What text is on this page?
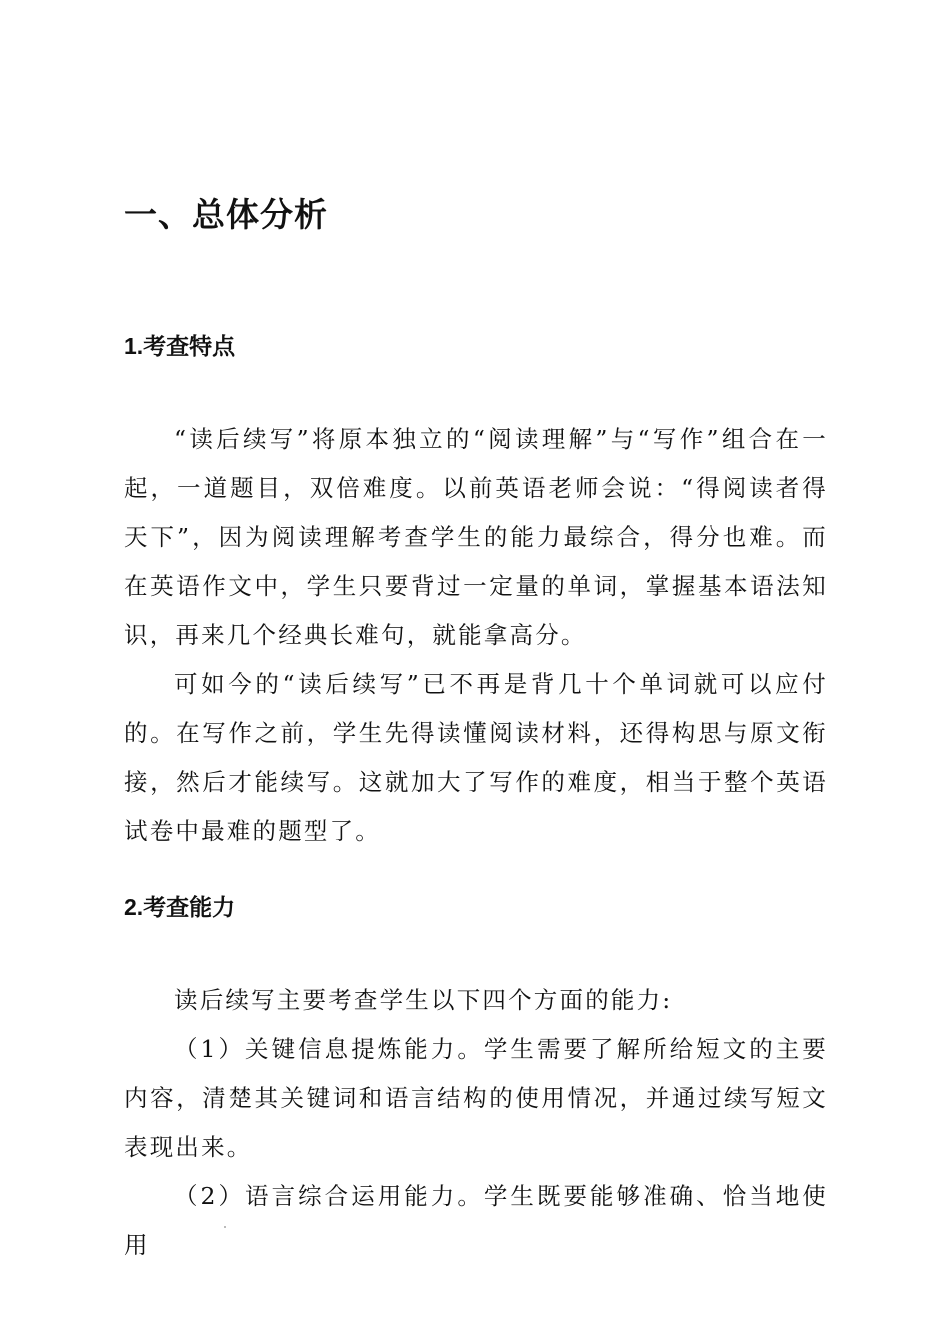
一、总体分析
1.考查特点

“读后续写”将原本独立的“阅读理解”与“写作”组合在一起，一道题目，双倍难度。以前英语老师会说：“得阅读者得天下”，因为阅读理解考查学生的能力最综合，得分也难。而在英语作文中，学生只要背过一定量的单词，掌握基本语法知识，再来几个经典长难句，就能拿高分。

可如今的“读后续写”已不再是背几十个单词就可以应付的。在写作之前，学生先得读懂阅读材料，还得构思与原文衔接，然后才能续写。这就加大了写作的难度，相当于整个英语试卷中最难的题型了。

2.考查能力

读后续写主要考查学生以下四个方面的能力:

（1）关键信息提炼能力。学生需要了解所给短文的主要内容，清楚其关键词和语言结构的使用情况，并通过续写短文表现出来。

（2）语言综合运用能力。学生既要能够准确、恰当地使用
